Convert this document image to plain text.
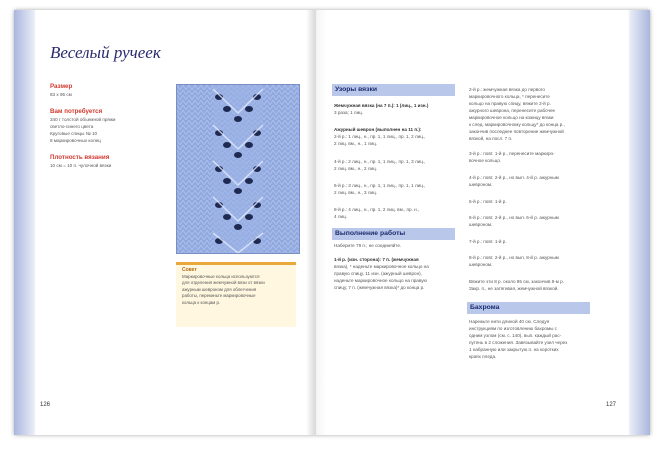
Веселый ручеек
Размер
83 х 95 см
Вам потребуется
340 г толстой объемной пряжи
светло-синего цвета
Круговые спицы № 10
8 маркировочных колец
Плотность вязания
10 см = 10 п. чулочной вязки
Совет

Маркировочные кольца используются
для отделения жемчужной вязи от вязки
ажурным шевроном для облегчения
работы, перекиньте маркировочные
кольца к концам р.

126	127
Узоры вязки
Жемчужная вязка (на 7 п.): 1 (лиц., 1 изн.)
3 раза; 1 лиц.
Ажурный шеврон (выполнен на 11 п.):
2-й р.: 1 лиц., н., пр. 1, 1 лиц., пр. 1, 2 лиц.,
2 лиц. вм., н., 1 лиц.
4-й р.: 2 лиц., н., пр. 1, 1 лиц., пр. 1, 3 лиц.,
2 лиц. вм., н., 2 лиц.
6-й р.: 3 лиц., н., пр. 1, 1 лиц., пр. 1, 1 лиц.,
2 лиц. вм., н., 3 лиц.
8-й р.: 4 лиц., н., пр. 1, 2 лиц. вм., пр. н.,
4 лиц.
Выполнение работы
Наберите 79 п.; не соединяйте.
1-й р. (изн. сторона): 7 п. (жемчужная
вязка), * наденьте маркировочное кольцо на
правую спицу, 11 изн. (ажурный шеврон),
наденьте маркировочное кольцо на правую
спицу, 7 п. (жемчужная вязка)* до конца р.
2-й р.: жемчужная вязка до первого
маркировочного кольца, * перенесите
кольцо на правую спицу, вяжите 2-й р.
ажурного шеврона, перенесите рабочее
маркировочное кольцо на кожицу вязки
к след. маркировочному кольцу* до конца р.,
закончив последнее повторение жемчужной
вязкой, на посл. 7 п.
3-й р.: повт. 1-й р., перенесите маркиро-
вочное кольцо.
4-й р.: повт. 2-й р., но вып. 4-й р. ажурным
шевроном.
5-й р.: повт. 1-й р.
6-й р.: повт. 2-й р., но вып. 6-й р. ажурным
шевроном.
7-й р.: повт. 1-й р.
8-й р.: повт. 2-й р., но вып. 8-й р. ажурным
шевроном.
Вяжите эти 8 р. около 95 см, закончив 8-м р.
Закр. п., не затягивая, жемчужной вязкой.
Бахрома
Нарежьте нити длиной 40 см. Следуя
инструкциям по изготовлению бахромы с
одним узлом (см. с. 140), вып. каждый рас-
путень в 2 сложения. Завязывайте узел через
1 набранную или закрытую п. на коротких
краях пледа.
